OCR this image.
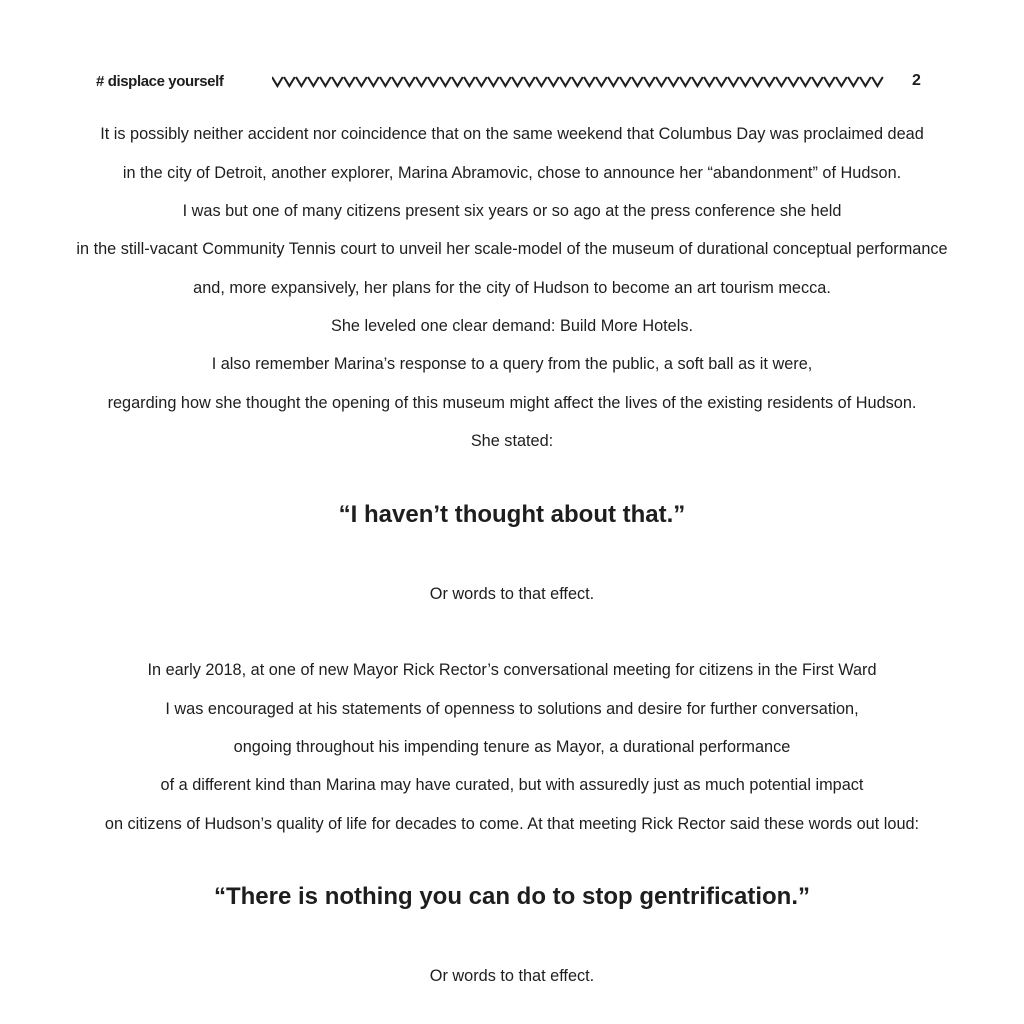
# displace yourself	2
It is possibly neither accident nor coincidence that on the same weekend that Columbus Day was proclaimed dead
in the city of Detroit, another explorer, Marina Abramovic, chose to announce her “abandonment” of Hudson.
I was but one of many citizens present six years or so ago at the press conference she held
in the still-vacant Community Tennis court to unveil her scale-model of the museum of durational conceptual performance
and, more expansively, her plans for the city of Hudson to become an art tourism mecca.
She leveled one clear demand: Build More Hotels.
I also remember Marina’s response to a query from the public, a soft ball as it were,
regarding how she thought the opening of this museum might affect the lives of the existing residents of Hudson.
She stated:
“I haven’t thought about that.”
Or words to that effect.
In early 2018, at one of new Mayor Rick Rector’s conversational meeting for citizens in the First Ward
I was encouraged at his statements of openness to solutions and desire for further conversation,
ongoing throughout his impending tenure as Mayor, a durational performance
of a different kind than Marina may have curated, but with assuredly just as much potential impact
on citizens of Hudson’s quality of life for decades to come. At that meeting Rick Rector said these words out loud:
“There is nothing you can do to stop gentrification.”
Or words to that effect.
